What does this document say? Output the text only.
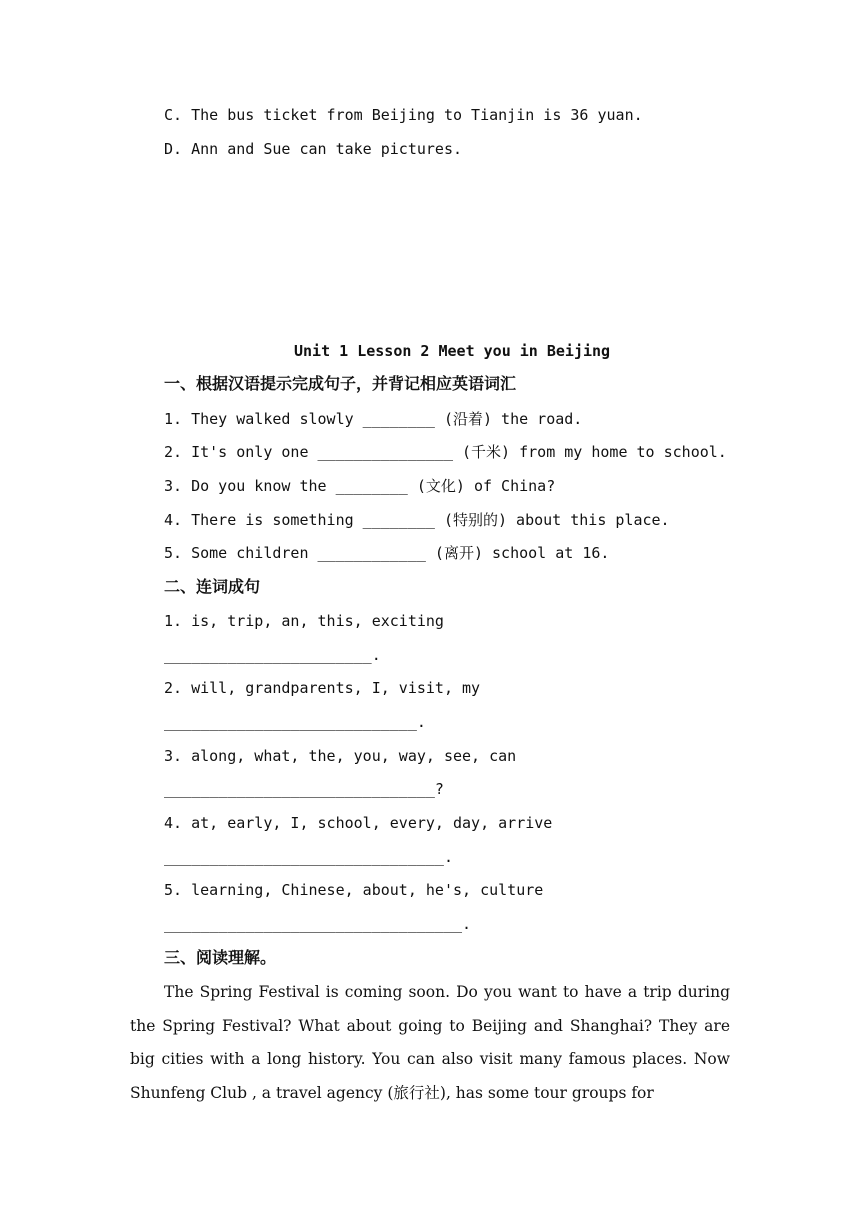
C. The bus ticket from Beijing to Tianjin is 36 yuan.
D. Ann and Sue can take pictures.
Unit 1 Lesson 2 Meet you in Beijing
一、根据汉语提示完成句子，并背记相应英语词汇
1. They walked slowly ________ (沿着) the road.
2. It's only one _______________ (千米) from my home to school.
3. Do you know the ________ (文化) of China?
4. There is something ________ (特别的) about this place.
5. Some children ____________ (离开) school at 16.
二、连词成句
1. is, trip, an, this, exciting
_______________________.
2. will, grandparents, I, visit, my
____________________________.
3. along, what, the, you, way, see, can
______________________________?
4. at, early, I, school, every, day, arrive
_______________________________.
5. learning, Chinese, about, he's, culture
_________________________________.
三、阅读理解。

The Spring Festival is coming soon. Do you want to have a trip during the Spring Festival? What about going to Beijing and Shanghai? They are big cities with a long history. You can also visit many famous places. Now Shunfeng Club , a travel agency (旅行社), has some tour groups for
